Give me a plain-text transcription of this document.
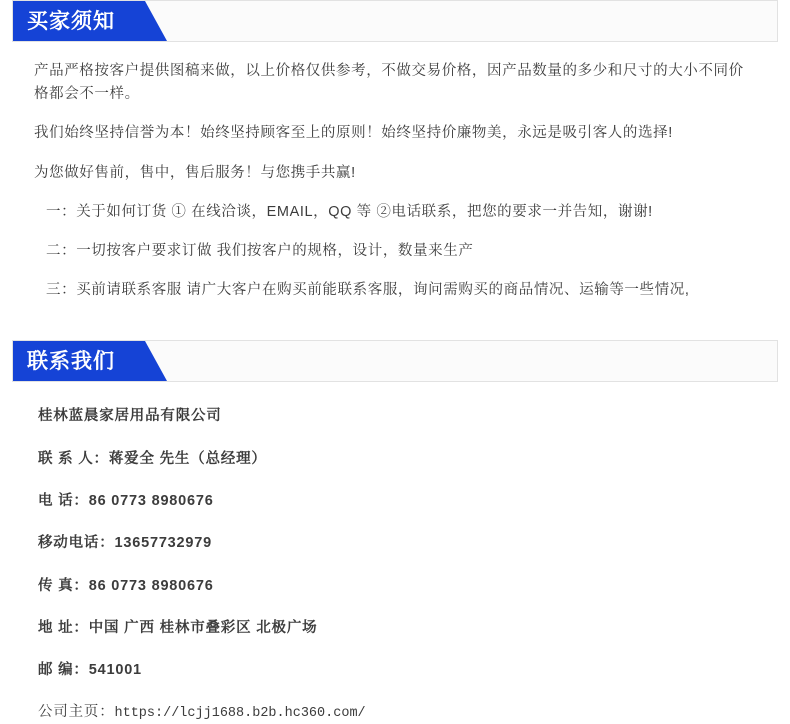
买家须知

产品严格按客户提供图稿来做，以上价格仅供参考，不做交易价格，因产品数量的多少和尺寸的大小不同价格都会不一样。

我们始终坚持信誉为本！始终坚持顾客至上的原则！始终坚持价廉物美，永远是吸引客人的选择!

为您做好售前，售中，售后服务！与您携手共赢!

一：关于如何订货 ① 在线洽谈，EMAIL，QQ 等 ②电话联系，把您的要求一并告知，谢谢!

二：一切按客户要求订做 我们按客户的规格，设计，数量来生产

三：买前请联系客服 请广大客户在购买前能联系客服，询问需购买的商品情况、运输等一些情况,

联系我们
桂林蓝晨家居用品有限公司
联 系 人：蒋爱全 先生（总经理）
电 话：86 0773 8980676
移动电话：13657732979
传 真：86 0773 8980676
地 址：中国 广西 桂林市叠彩区 北极广场
邮 编：541001
公司主页：https://lcjj1688.b2b.hc360.com/
